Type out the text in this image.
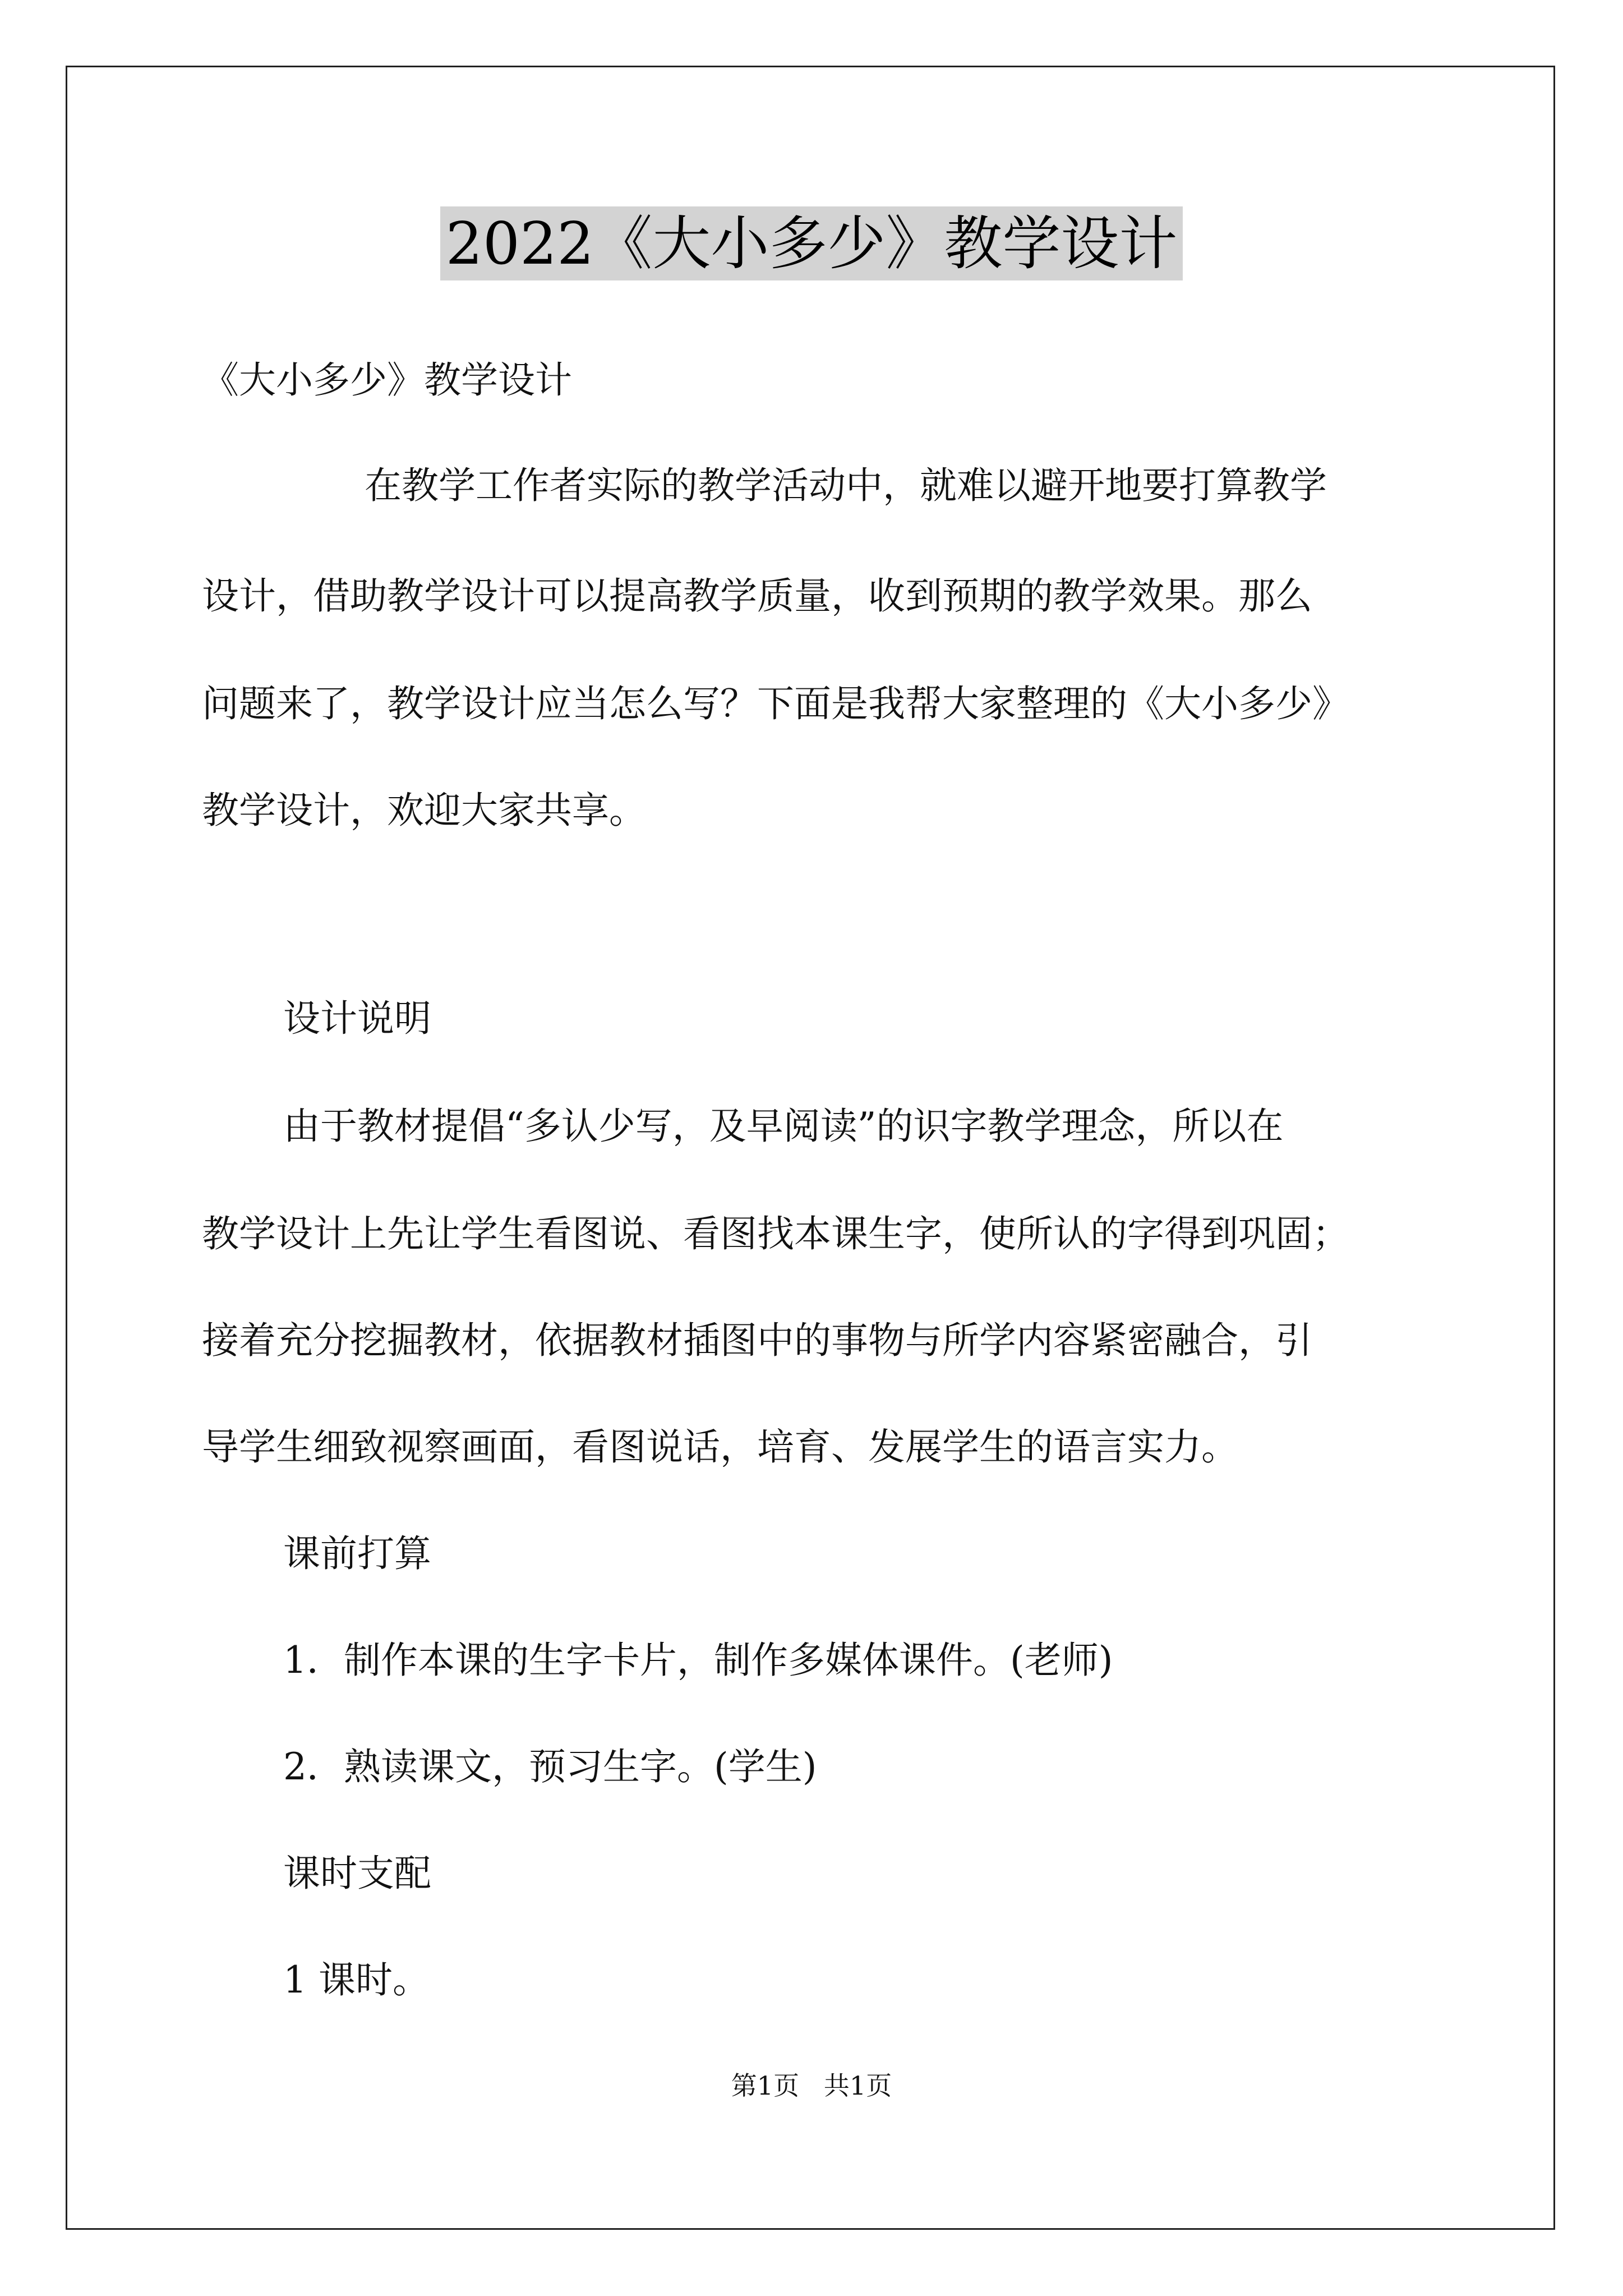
2022《大小多少》教学设计
《大小多少》教学设计
在教学工作者实际的教学活动中，就难以避开地要打算教学
设计，借助教学设计可以提高教学质量，收到预期的教学效果。那么
问题来了，教学设计应当怎么写？下面是我帮大家整理的《大小多少》
教学设计，欢迎大家共享。
设计说明
由于教材提倡“多认少写，及早阅读”的识字教学理念，所以在
教学设计上先让学生看图说、看图找本课生字，使所认的字得到巩固；
接着充分挖掘教材，依据教材插图中的事物与所学内容紧密融合，引
导学生细致视察画面，看图说话，培育、发展学生的语言实力。
课前打算
1．制作本课的生字卡片，制作多媒体课件。(老师)
2．熟读课文，预习生字。(学生)
课时支配
1 课时。
第1页   共1页
